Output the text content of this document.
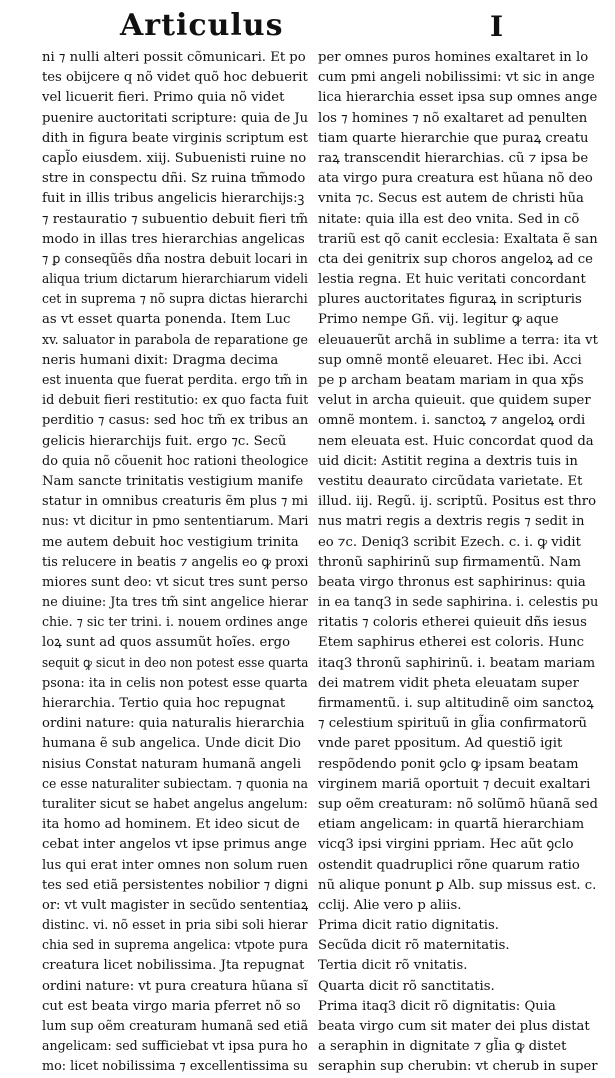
Articulus	I
ni ⁊ nulli alteri possit cõmunicari. Et po
tes obijcere q nõ videt quõ hoc debuerit
vel licuerit fieri. Primo quia nõ videt
puenire auctoritati scripture: quia de Ju
dith in figura beate virginis scriptum est
capl̃o eiusdem. xiij. Subuenisti ruine no
stre in conspectu dñi. Sz ruina tm̃modo
fuit in illis tribus angelicis hierarchijs:ꝫ
⁊ restauratio ⁊ subuentio debuit fieri tm̃
modo in illas tres hierarchias angelicas
⁊ ꝑ conseqũẽs dña nostra debuit locari in
aliqua trium dictarum hierarchiarum videli
cet in suprema ⁊ nõ supra dictas hierarchi
as vt esset quarta ponenda. Item Luc
xv. saluator in parabola de reparatione ge
neris humani dixit: Dragma decima
est inuenta que fuerat perdita. ergo tm̃ in
id debuit fieri restitutio: ex quo facta fuit
perditio ⁊ casus: sed hoc tm̃ ex tribus an
gelicis hierarchijs fuit. ergo ⁊c. Secũ
do quia nõ cõuenit hoc rationi theologice
Nam sancte trinitatis vestigium manife
statur in omnibus creaturis ẽm plus ⁊ mi
nus: vt dicitur in pmo sententiarum. Mari
me autem debuit hoc vestigium trinita
tis relucere in beatis ⁊ angelis eo ꝙ proxi
miores sunt deo: vt sicut tres sunt perso
ne diuine: Jta tres tm̃ sint angelice hierar
chie. ⁊ sic ter trini. i. nouem ordines ange
loꝝ sunt ad quos assumũt hoĩes. ergo
sequit ꝙ sicut in deo non potest esse quarta
psona: ita in celis non potest esse quarta
hierarchia. Tertio quia hoc repugnat
ordini nature: quia naturalis hierarchia
humana ẽ sub angelica. Unde dicit Dio
nisius Constat naturam humanã angeli
ce esse naturaliter subiectam. ⁊ quonia na
turaliter sicut se habet angelus angelum:
ita homo ad hominem. Et ideo sicut de
cebat inter angelos vt ipse primus ange
lus qui erat inter omnes non solum ruen
tes sed etiã persistentes nobilior ⁊ digni
or: vt vult magister in secũdo sententiaꝝ
distinc. vi. nõ esset in pria sibi soli hierar
chia sed in suprema angelica: vtpote pura
creatura licet nobilissima. Jta repugnat
ordini nature: vt pura creatura hũana sĩ
cut est beata virgo maria pferret nõ so
lum sup oẽm creaturam humanã sed etiã
angelicam: sed sufficiebat vt ipsa pura ho
mo: licet nobilissima ⁊ excellentissima su
per omnes puros homines exaltaret in lo
cum pmi angeli nobilissimi: vt sic in ange
lica hierarchia esset ipsa sup omnes ange
los ⁊ homines ⁊ nõ exaltaret ad penulten
tiam quarte hierarchie que puraꝝ creatu
raꝝ transcendit hierarchias. cũ ⁊ ipsa be
ata virgo pura creatura est hũana nõ deo
vnita ⁊c. Secus est autem de christi hũa
nitate: quia illa est deo vnita. Sed in cõ
trariũ est qõ canit ecclesia: Exaltata ẽ san
cta dei genitrix sup choros angeloꝝ ad ce
lestia regna. Et huic veritati concordant
plures auctoritates figuraꝝ in scripturis
Primo nempe Gñ. vij. legitur ꝙ aque
eleuauerũt archã in sublime a terra: ita vt
sup omnẽ montẽ eleuaret. Hec ibi. Acci
pe p archam beatam mariam in qua xp̃s
velut in archa quieuit. que quidem super
omnẽ montem. i. sanctoꝝ ⁊ angeloꝝ ordi
nem eleuata est. Huic concordat quod da
uid dicit: Astitit regina a dextris tuis in
vestitu deaurato circũdata varietate. Et
illud. iij. Regũ. ij. scriptũ. Positus est thro
nus matri regis a dextris regis ⁊ sedit in
eo ⁊c. Deniq3 scribit Ezech. c. i. ꝙ vidit
thronũ saphirinũ sup firmamentũ. Nam
beata virgo thronus est saphirinus: quia
in ea tanq3 in sede saphirina. i. celestis pu
ritatis ⁊ coloris etherei quieuit dñs iesus
Etem saphirus etherei est coloris. Hunc
itaq3 thronũ saphirinũ. i. beatam mariam
dei matrem vidit pheta eleuatam super
firmamentũ. i. sup altitudinẽ oim sanctoꝝ
⁊ celestium spirituũ in gl̃ia confirmatorũ
vnde paret ppositum. Ad questiõ igit
respõdendo ponit ꝯclo ꝙ ipsam beatam
virginem mariã oportuit ⁊ decuit exaltari
sup oẽm creaturam: nõ solũmõ hũanã sed
etiam angelicam: in quartã hierarchiam
vicq3 ipsi virgini ppriam. Hec aũt ꝯclo
ostendit quadruplici rõne quarum ratio
nũ alique ponunt ꝑ Alb. sup missus est. c.
cclij. Alie vero p aliis.
Prima dicit ratio dignitatis.
Secũda dicit rõ maternitatis.
Tertia dicit rõ vnitatis.
Quarta dicit rõ sanctitatis.
Prima itaq3 dicit rõ dignitatis: Quia
beata virgo cum sit mater dei plus distat
a seraphin in dignitate ⁊ gl̃ia ꝙ distet
seraphin sup cherubin: vt cherub in super
